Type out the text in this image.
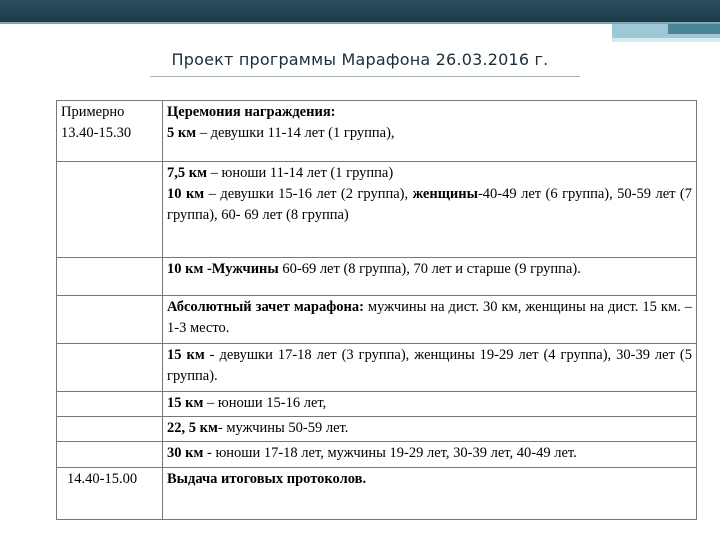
Проект программы Марафона 26.03.2016 г.
Примерно 13.40-15.30	Церемония награждения:
5 км – девушки 11-14 лет (1 группа),
	7,5 км – юноши 11-14 лет (1 группа)
10 км – девушки 15-16 лет (2 группа), женщины-40-49 лет (6 группа), 50-59 лет (7 группа), 60- 69 лет (8 группа)
	10 км -Мужчины 60-69 лет (8 группа), 70 лет и старше (9 группа).
	Абсолютный зачет марафона: мужчины на дист. 30 км, женщины на дист. 15 км. – 1-3 место.
	15 км - девушки 17-18 лет (3 группа), женщины 19-29 лет (4 группа), 30-39 лет (5 группа).
	15 км – юноши 15-16 лет,
	22, 5 км- мужчины 50-59 лет.
	30 км - юноши 17-18 лет, мужчины 19-29 лет, 30-39 лет, 40-49 лет.
14.40-15.00	Выдача итоговых протоколов.
